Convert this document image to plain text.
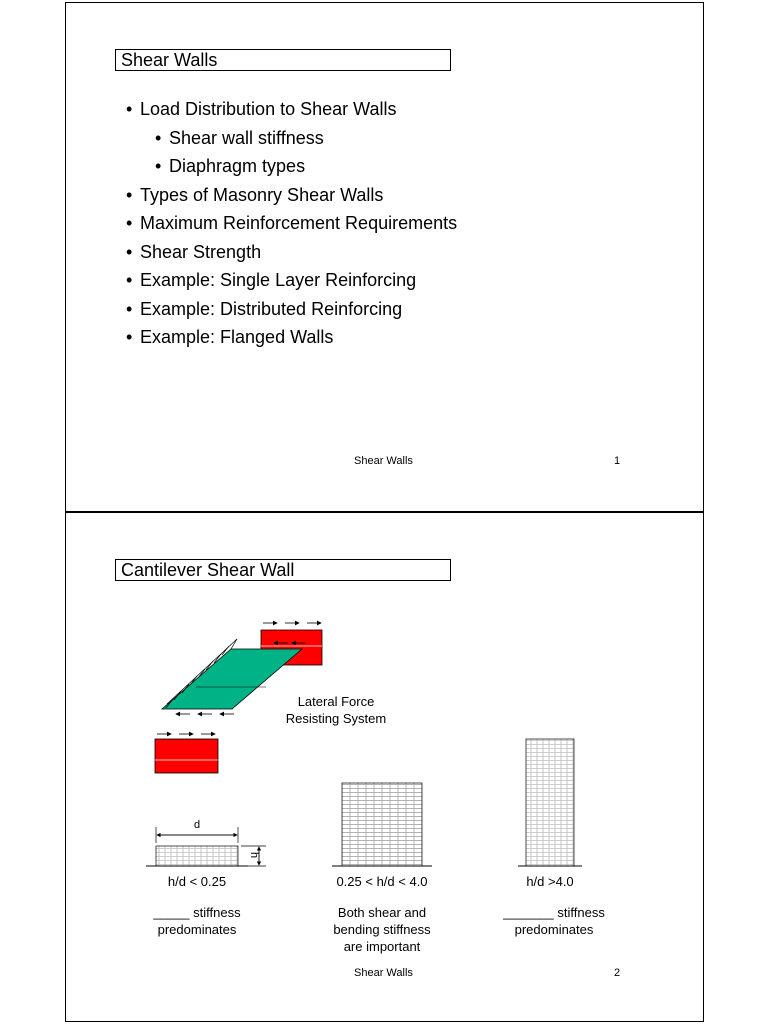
Shear Walls
• Load Distribution to Shear Walls
• Shear wall stiffness
• Diaphragm types
• Types of Masonry Shear Walls
• Maximum Reinforcement Requirements
• Shear Strength
• Example: Single Layer Reinforcing
• Example: Distributed Reinforcing
• Example: Flanged Walls
Shear Walls	1
Cantilever Shear Wall
Lateral Force
Resisting System
d
h
h/d < 0.25	0.25 < h/d < 4.0	h/d >4.0
_____ stiffness
predominates
Both shear and
bending stiffness
are important
_______ stiffness
predominates
Shear Walls	2
